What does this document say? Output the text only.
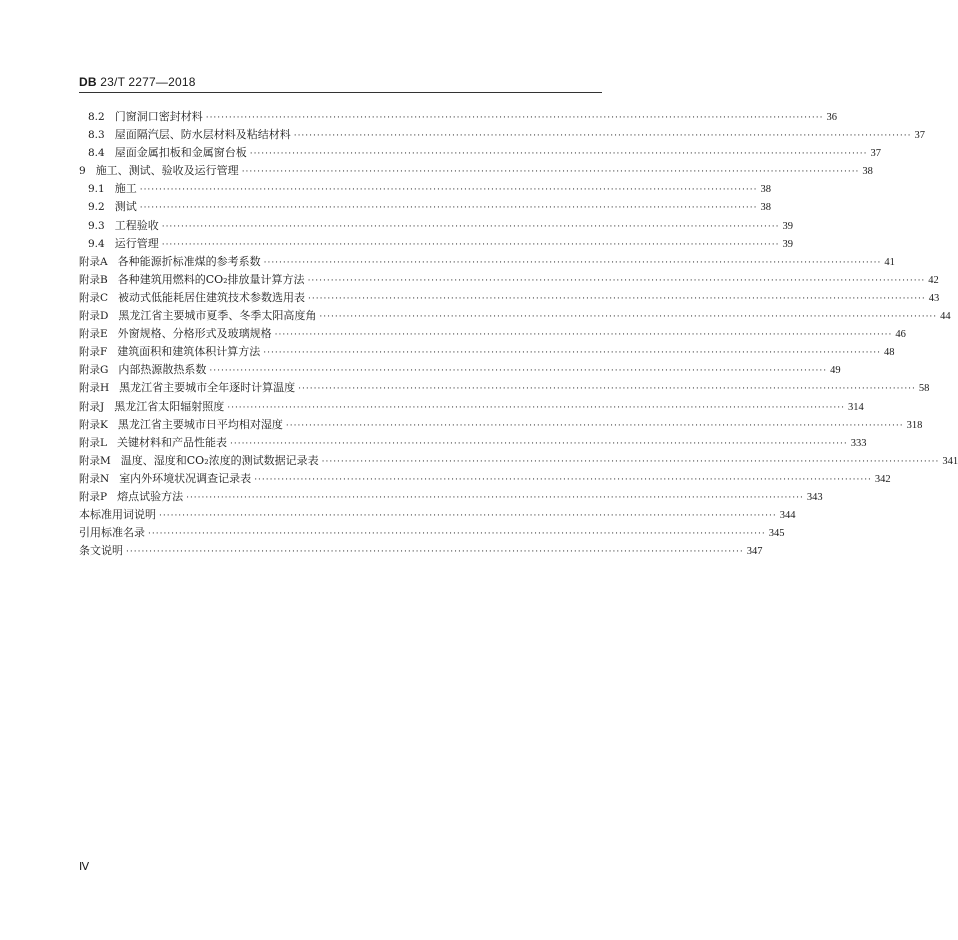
DB 23/T 2277—2018
8.2 门窗洞口密封材料 ································································································································································ 36
8.3 屋面隔汽层、防水层材料及粘结材料 ································································································································································ 37
8.4 屋面金属扣板和金属窗台板 ································································································································································ 37
9 施工、测试、验收及运行管理 ································································································································································ 38
9.1 施工 ································································································································································ 38
9.2 测试 ································································································································································ 38
9.3 工程验收 ································································································································································ 39
9.4 运行管理 ································································································································································ 39
附录A 各种能源折标准煤的参考系数 ································································································································································ 41
附录B 各种建筑用燃料的CO₂排放量计算方法 ································································································································································ 42
附录C 被动式低能耗居住建筑技术参数选用表 ································································································································································ 43
附录D 黑龙江省主要城市夏季、冬季太阳高度角 ································································································································································ 44
附录E 外窗规格、分格形式及玻璃规格 ································································································································································ 46
附录F 建筑面积和建筑体积计算方法 ································································································································································ 48
附录G 内部热源散热系数 ································································································································································ 49
附录H 黑龙江省主要城市全年逐时计算温度 ································································································································································ 58
附录J 黑龙江省太阳辐射照度 ································································································································································ 314
附录K 黑龙江省主要城市日平均相对湿度 ································································································································································ 318
附录L 关键材料和产品性能表 ································································································································································ 333
附录M 温度、湿度和CO₂浓度的测试数据记录表 ································································································································································ 341
附录N 室内外环境状况调查记录表 ································································································································································ 342
附录P 熔点试验方法 ································································································································································ 343
本标准用词说明 ································································································································································ 344
引用标准名录 ································································································································································ 345
条文说明 ································································································································································ 347
Ⅳ
